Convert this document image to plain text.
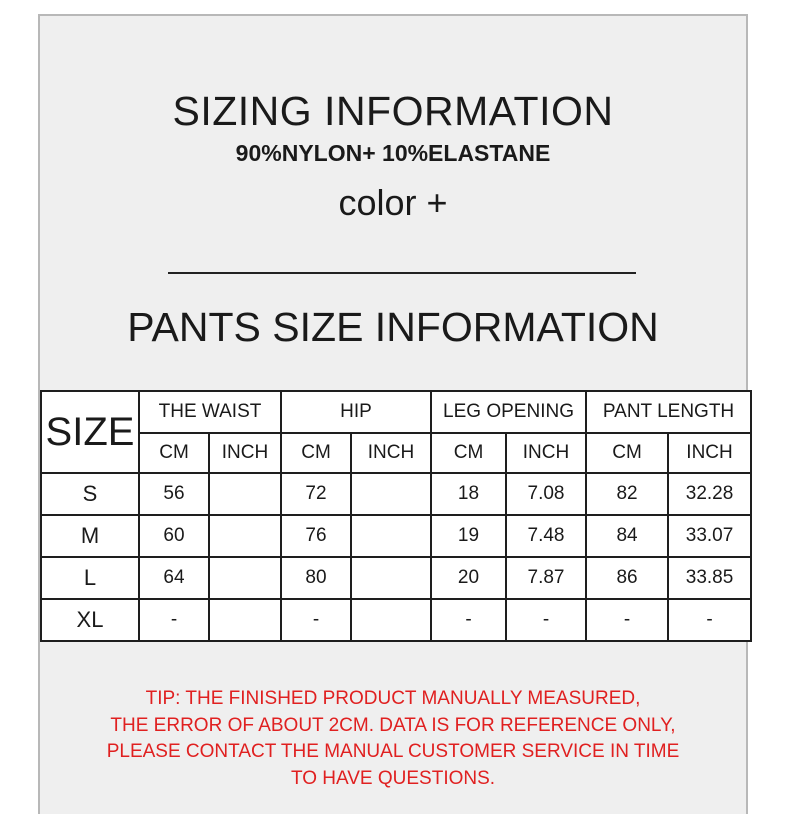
SIZING INFORMATION
90%NYLON+ 10%ELASTANE
color +
PANTS SIZE INFORMATION
SIZE	THE WAIST		HIP		LEG OPENING		PANT LENGTH	
	CM	INCH	CM	INCH	CM	INCH	CM	INCH
S	56		72		18	7.08	82	32.28
M	60		76		19	7.48	84	33.07
L	64		80		20	7.87	86	33.85
XL	-		-		-	-	-	-
TIP: THE FINISHED PRODUCT MANUALLY MEASURED,
THE ERROR OF ABOUT 2CM. DATA IS FOR REFERENCE ONLY,
PLEASE CONTACT THE MANUAL CUSTOMER SERVICE IN TIME
TO HAVE QUESTIONS.
